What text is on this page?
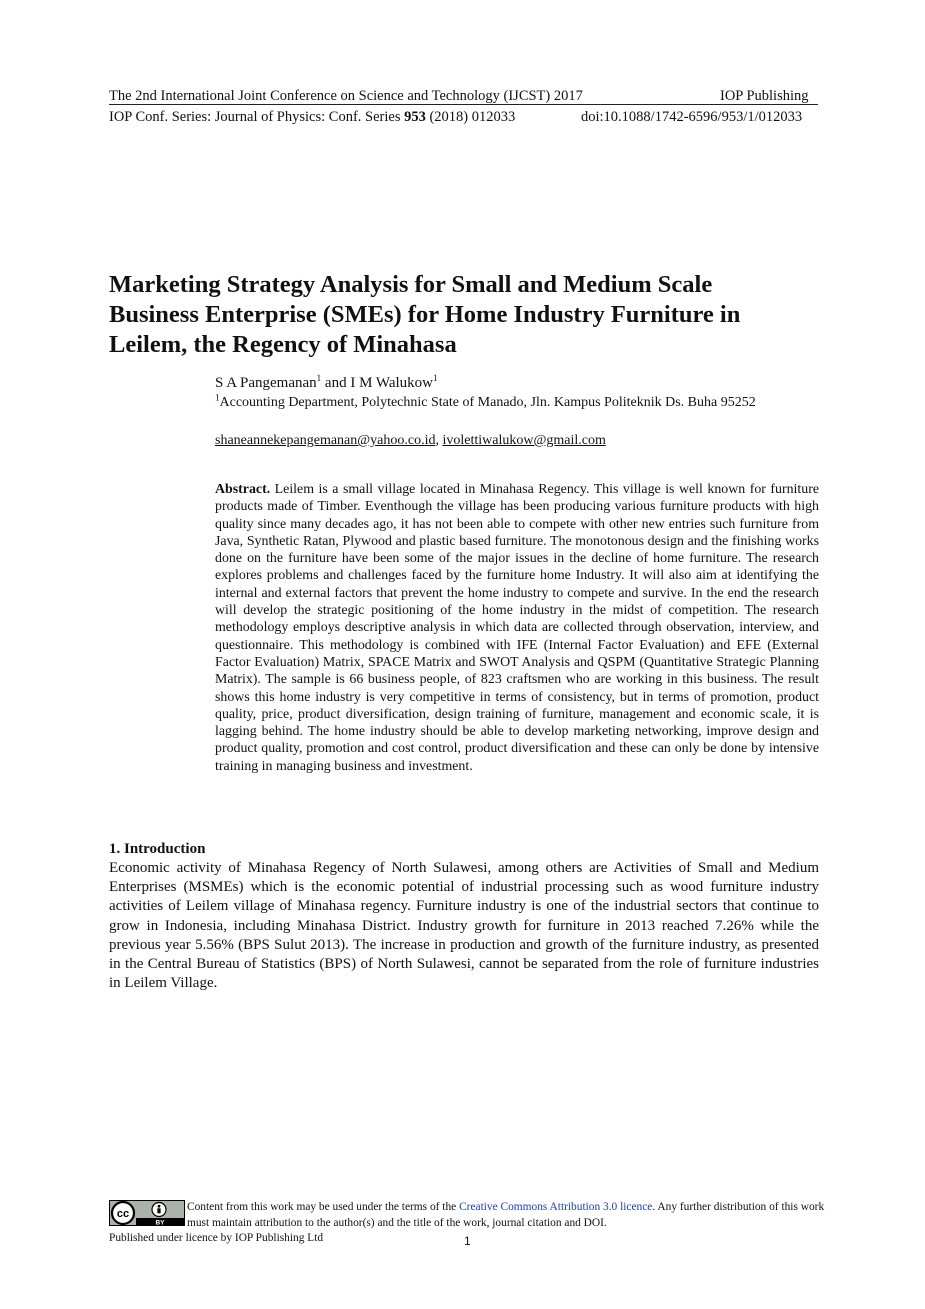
The 2nd International Joint Conference on Science and Technology (IJCST) 2017	IOP Publishing
IOP Conf. Series: Journal of Physics: Conf. Series 953 (2018) 012033	doi:10.1088/1742-6596/953/1/012033
Marketing Strategy Analysis for Small and Medium Scale
Business Enterprise (SMEs) for Home Industry Furniture in
Leilem, the Regency of Minahasa
S A Pangemanan$^1$ and I M Walukow$^1$
$^1$Accounting Department, Polytechnic State of Manado, Jln. Kampus Politeknik Ds. Buha 95252
shaneannekepangemanan@yahoo.co.id, ivolettiwalukow@gmail.com
Abstract. Leilem is a small village located in Minahasa Regency. This village is well known for furniture products made of Timber. Eventhough the village has been producing various furniture products with high quality since many decades ago, it has not been able to compete with other new entries such furniture from Java, Synthetic Ratan, Plywood and plastic based furniture. The monotonous design and the finishing works done on the furniture have been some of the major issues in the decline of home furniture. The research explores problems and challenges faced by the furniture home Industry. It will also aim at identifying the internal and external factors that prevent the home industry to compete and survive. In the end the research will develop the strategic positioning of the home industry in the midst of competition. The research methodology employs descriptive analysis in which data are collected through observation, interview, and questionnaire. This methodology is combined with IFE (Internal Factor Evaluation) and EFE (External Factor Evaluation) Matrix, SPACE Matrix and SWOT Analysis and QSPM (Quantitative Strategic Planning Matrix). The sample is 66 business people, of 823 craftsmen who are working in this business. The result shows this home industry is very competitive in terms of consistency, but in terms of promotion, product quality, price, product diversification, design training of furniture, management and economic scale, it is lagging behind. The home industry should be able to develop marketing networking, improve design and product quality, promotion and cost control, product diversification and these can only be done by intensive training in managing business and investment.
1. Introduction
Economic activity of Minahasa Regency of North Sulawesi, among others are Activities of Small and Medium Enterprises (MSMEs) which is the economic potential of industrial processing such as wood furniture industry activities of Leilem village of Minahasa regency. Furniture industry is one of the industrial sectors that continue to grow in Indonesia, including Minahasa District. Industry growth for furniture in 2013 reached 7.26% while the previous year 5.56% (BPS Sulut 2013). The increase in production and growth of the furniture industry, as presented in the Central Bureau of Statistics (BPS) of North Sulawesi, cannot be separated from the role of furniture industries in Leilem Village.
cc
BY
Content from this work may be used under the terms of the Creative Commons Attribution 3.0 licence. Any further distribution of this work must maintain attribution to the author(s) and the title of the work, journal citation and DOI.
Published under licence by IOP Publishing Ltd	1
